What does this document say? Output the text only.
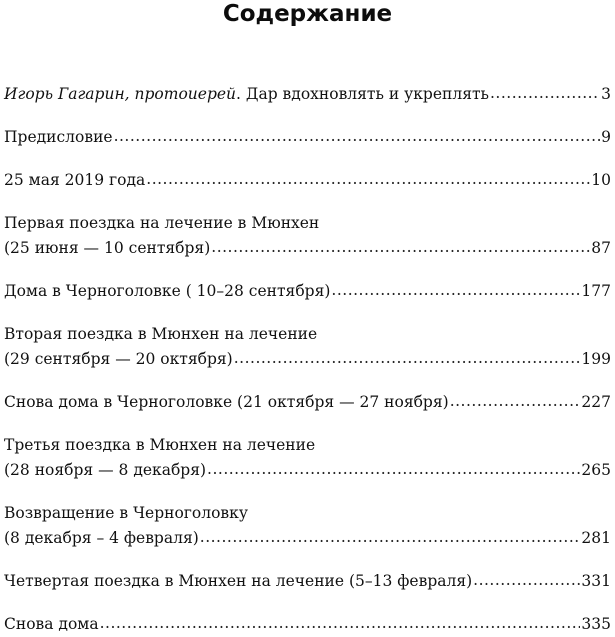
Содержание
Игорь Гагарин, протоиерей. Дар вдохновлять и укреплять .....	3
Предисловие .....	9
25 мая 2019 года .....	10
Первая поездка на лечение в Мюнхен
(25 июня — 10 сентября) .....	87
Дома в Черноголовке ( 10–28 сентября) .....	177
Вторая поездка в Мюнхен на лечение
(29 сентября — 20 октября) .....	199
Снова дома в Черноголовке (21 октября — 27 ноября) .....	227
Третья поездка в Мюнхен на лечение
(28 ноября — 8 декабря) .....	265
Возвращение в Черноголовку
(8 декабря – 4 февраля) .....	281
Четвертая поездка в Мюнхен на лечение (5–13 февраля) .....	331
Снова дома .....	335
